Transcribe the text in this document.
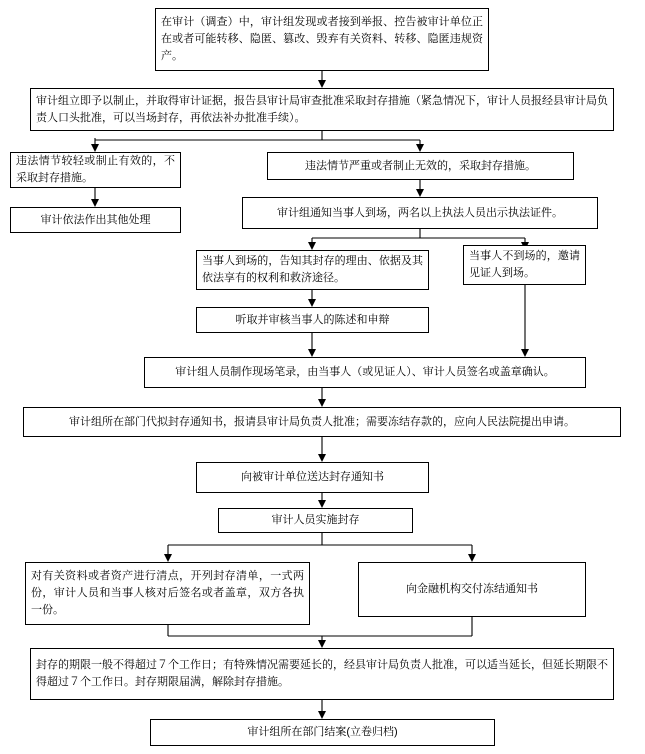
在审计（调查）中，审计组发现或者接到举报、控告被审计单位正在或者可能转移、隐匿、篡改、毁弃有关资料、转移、隐匿违规资产。
审计组立即予以制止，并取得审计证据，报告县审计局审查批准采取封存措施（紧急情况下，审计人员报经县审计局负责人口头批准，可以当场封存，再依法补办批准手续）。
违法情节较轻或制止有效的，不采取封存措施。
违法情节严重或者制止无效的，采取封存措施。
审计依法作出其他处理
审计组通知当事人到场，两名以上执法人员出示执法证件。
当事人到场的，告知其封存的理由、依据及其依法享有的权利和救济途径。
当事人不到场的，邀请见证人到场。
听取并审核当事人的陈述和申辩
审计组人员制作现场笔录，由当事人（或见证人）、审计人员签名或盖章确认。
审计组所在部门代拟封存通知书，报请县审计局负责人批准；需要冻结存款的，应向人民法院提出申请。
向被审计单位送达封存通知书
审计人员实施封存
对有关资料或者资产进行清点，开列封存清单，一式两份，审计人员和当事人核对后签名或者盖章，双方各执一份。
向金融机构交付冻结通知书
封存的期限一般不得超过７个工作日；有特殊情况需要延长的，经县审计局负责人批准，可以适当延长，但延长期限不得超过７个工作日。封存期限届满，解除封存措施。
审计组所在部门结案(立卷归档)
